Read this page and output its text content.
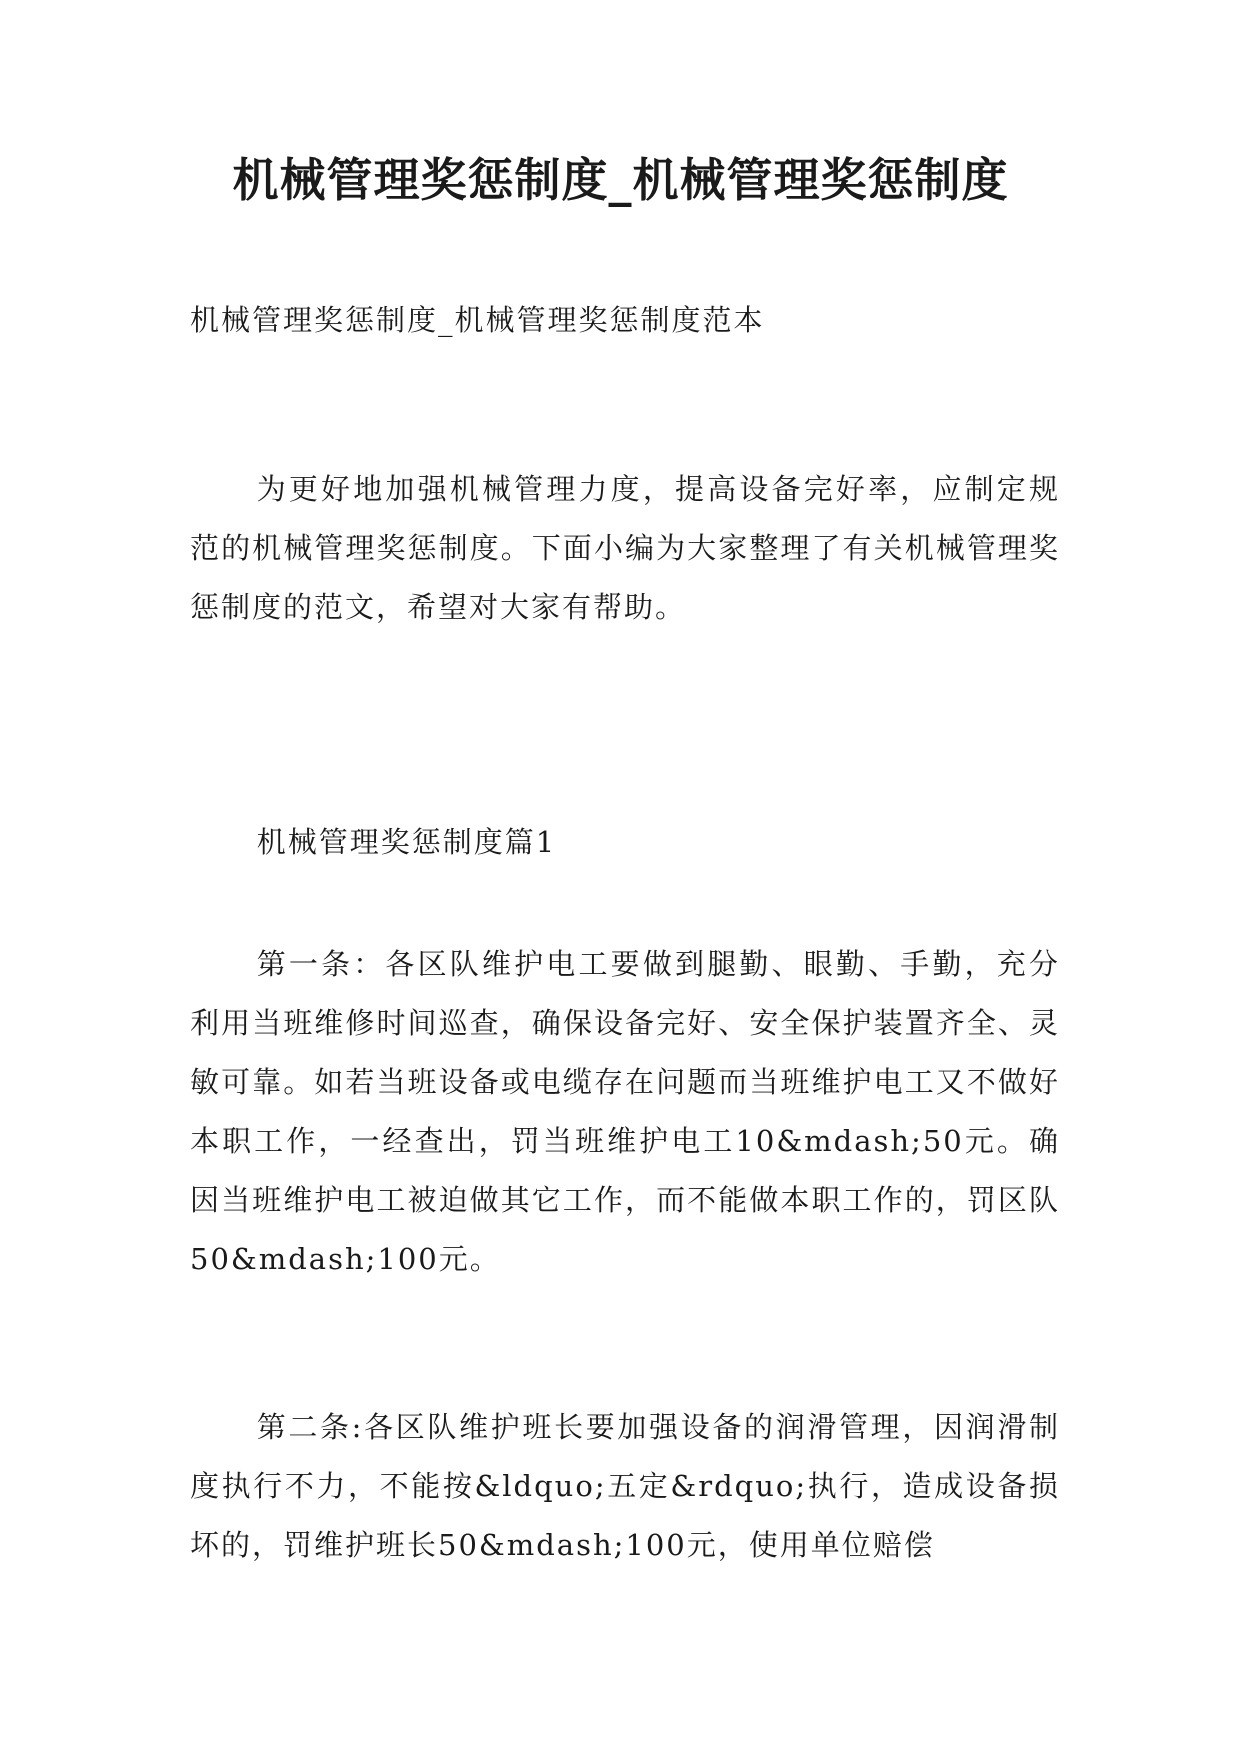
机械管理奖惩制度_机械管理奖惩制度

机械管理奖惩制度_机械管理奖惩制度范本

为更好地加强机械管理力度，提高设备完好率，应制定规范的机械管理奖惩制度。下面小编为大家整理了有关机械管理奖惩制度的范文，希望对大家有帮助。

机械管理奖惩制度篇1

第一条：各区队维护电工要做到腿勤、眼勤、手勤，充分利用当班维修时间巡查，确保设备完好、安全保护装置齐全、灵敏可靠。如若当班设备或电缆存在问题而当班维护电工又不做好本职工作，一经查出，罚当班维护电工10&mdash;50元。确因当班维护电工被迫做其它工作，而不能做本职工作的，罚区队50&mdash;100元。

第二条:各区队维护班长要加强设备的润滑管理，因润滑制度执行不力，不能按&ldquo;五定&rdquo;执行，造成设备损坏的，罚维护班长50&mdash;100元，使用单位赔偿
